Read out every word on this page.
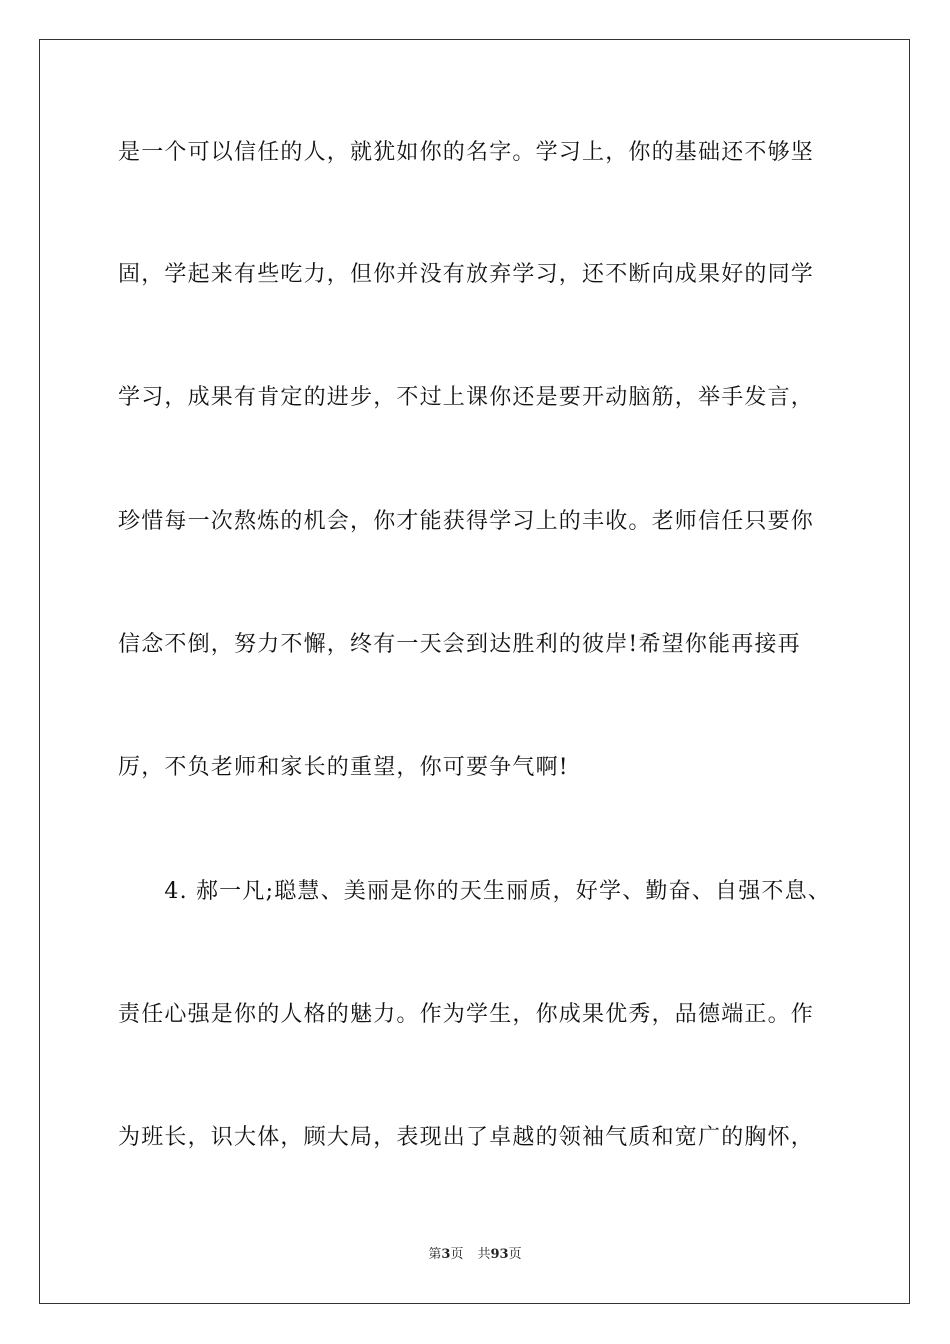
是一个可以信任的人，就犹如你的名字。学习上，你的基础还不够坚
固，学起来有些吃力，但你并没有放弃学习，还不断向成果好的同学
学习，成果有肯定的进步，不过上课你还是要开动脑筋，举手发言，
珍惜每一次熬炼的机会，你才能获得学习上的丰收。老师信任只要你
信念不倒，努力不懈，终有一天会到达胜利的彼岸!希望你能再接再
厉，不负老师和家长的重望，你可要争气啊!
　　4. 郝一凡;聪慧、美丽是你的天生丽质，好学、勤奋、自强不息、
责任心强是你的人格的魅力。作为学生，你成果优秀，品德端正。作
为班长，识大体，顾大局，表现出了卓越的领袖气质和宽广的胸怀，
第3页 共93页
